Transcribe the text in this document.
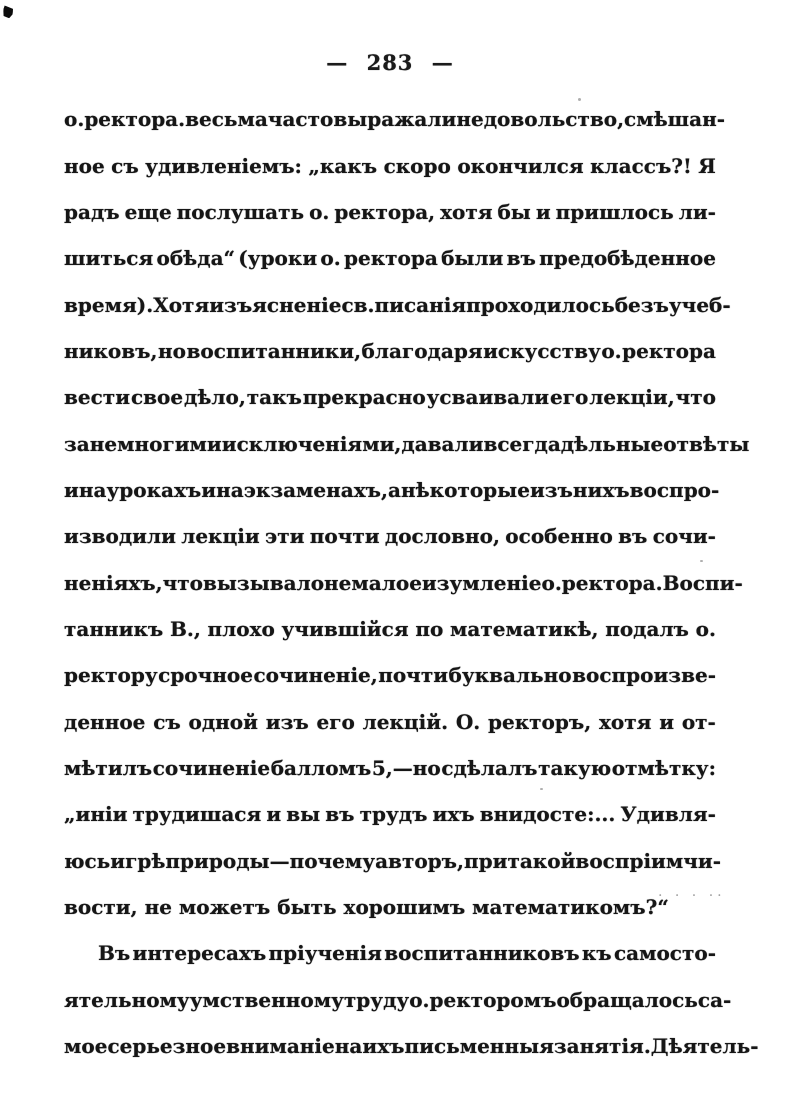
— 283 —
о. ректора. весьма часто выражали недовольство, смѣшан-
ное съ удивленіемъ: „какъ скоро окончился классъ?! Я
радъ еще послушать о. ректора, хотя бы и пришлось ли-
шиться обѣда“ (уроки о. ректора были въ предобѣденное
время). Хотя изъясненіе св. писанія проходилось безъ учеб-
никовъ, но воспитанники, благодаря искусству о. ректора
вести свое дѣло, такъ прекрасно усваивали его лекціи, что
за немногими исключеніями, давали всегда дѣльные отвѣты
и на урокахъ и на экзаменахъ, а нѣкоторые изъ нихъ воспро-
изводили лекціи эти почти дословно, особенно въ сочи-
неніяхъ, что вызывало не малое изумленіе о. ректора. Воспи-
танникъ В., плохо учившійся по математикѣ, подалъ о.
ректору срочное сочиненіе, почти буквально воспроизве-
денное съ одной изъ его лекцій. О. ректоръ, хотя и от-
мѣтилъ сочиненіе балломъ 5,—но сдѣлалъ такую отмѣтку:
„иніи трудишася и вы въ трудъ ихъ внидосте:... Удивля-
юсь игрѣ природы—почему авторъ, при такой воспріимчи-
вости, не можетъ быть хорошимъ математикомъ?“
Въ интересахъ пріученія воспитанниковъ къ самосто-
ятельному умственному труду о. ректоромъ обращалось са-
мое серьезное вниманіе на ихъ письменныя занятія. Дѣятель-
. . . ..
